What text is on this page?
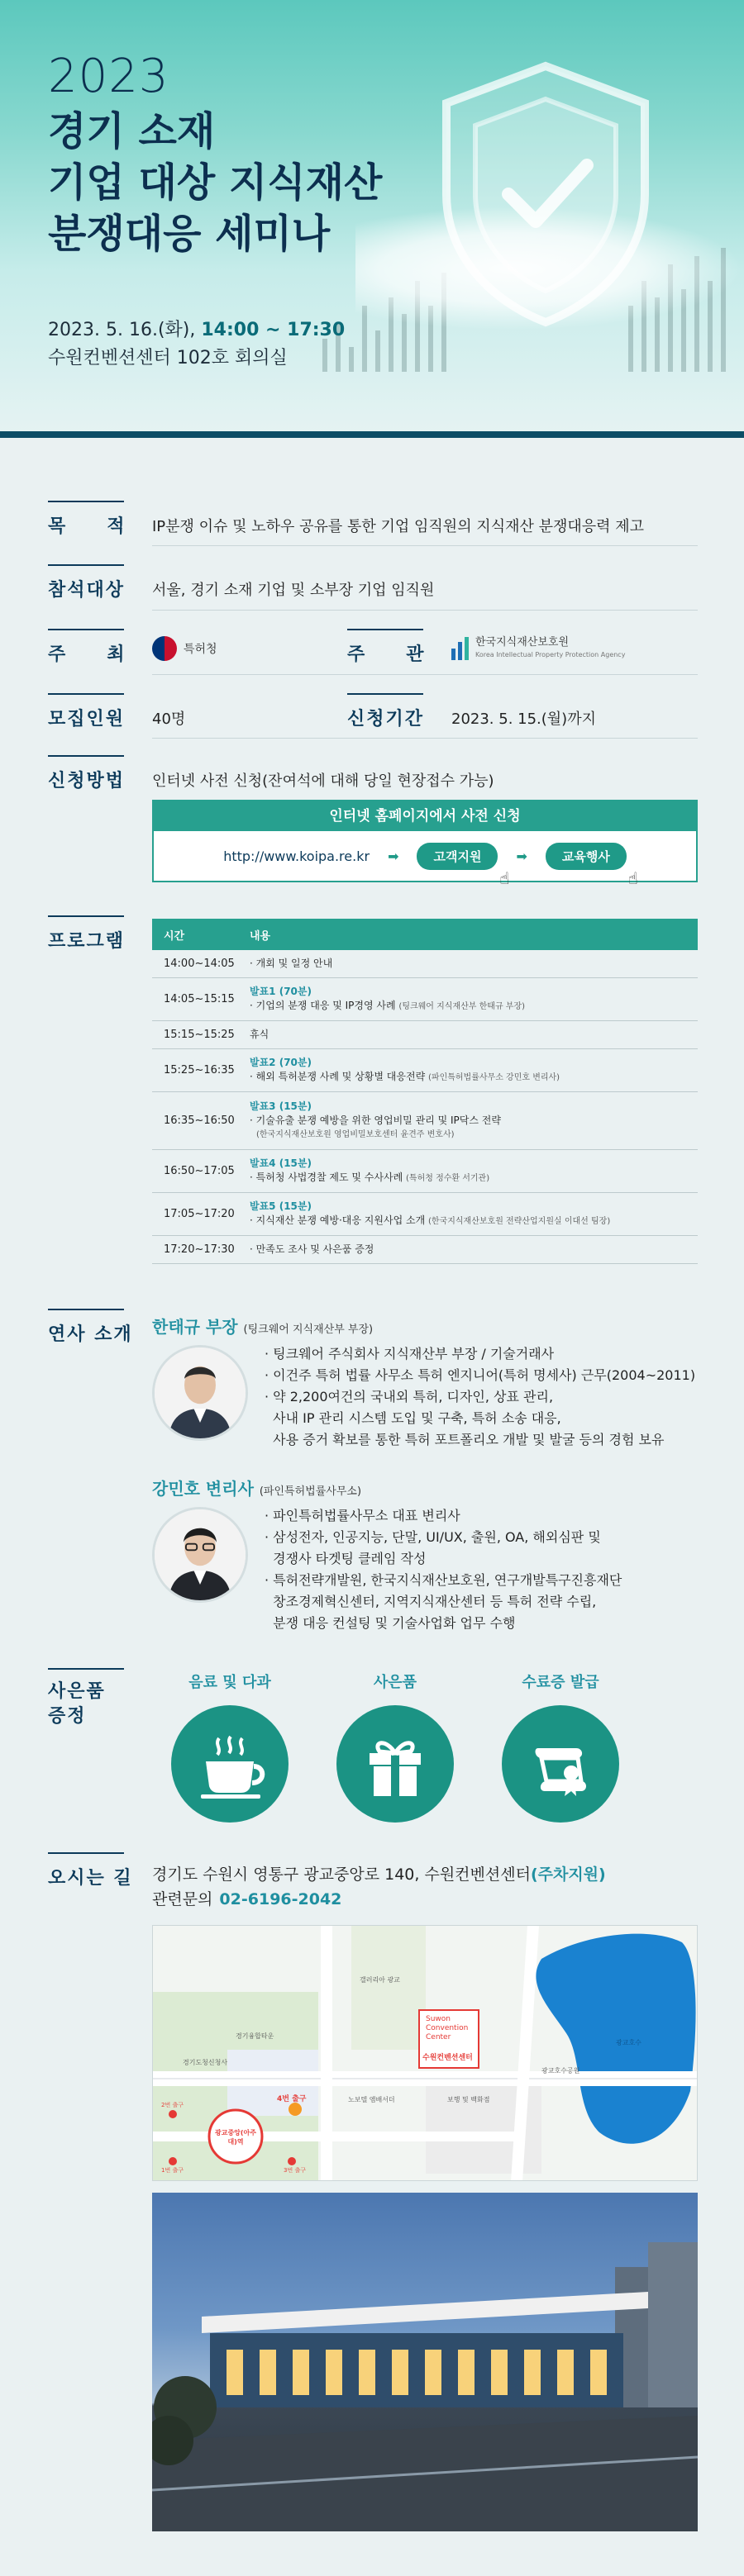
2023
경기 소재
기업 대상 지식재산
분쟁대응 세미나
2023. 5. 16.(화), 14:00 ~ 17:30
수원컨벤션센터 102호 회의실
목　　적 IP분쟁 이슈 및 노하우 공유를 통한 기업 임직원의 지식재산 분쟁대응력 제고
참석대상 서울, 경기 소재 기업 및 소부장 기업 임직원
주　　최	특허청	주　　관
한국지식재산보호원
Korea Intellectual Property Protection Agency
모집인원 40명	신청기간 2023. 5. 15.(월)까지
신청방법 인터넷 사전 신청(잔여석에 대해 당일 현장접수 가능)
인터넷 홈페이지에서 사전 신청
http://www.koipa.re.kr ➡	고객지원
☝
➡	교육행사
☝
프로그램	시간	내용
14:00~14:05	· 개회 및 일정 안내
14:05~15:15
발표1 (70분)
· 기업의 분쟁 대응 및 IP경영 사례 (팅크웨어 지식재산부 한태규 부장)
15:15~15:25	휴식
15:25~16:35
발표2 (70분)
· 해외 특허분쟁 사례 및 상황별 대응전략 (파인특허법률사무소 강민호 변리사)
16:35~16:50
발표3 (15분)
· 기술유출 분쟁 예방을 위한 영업비밀 관리 및 IP닥스 전략
(한국지식재산보호원 영업비밀보호센터 윤견주 변호사)
16:50~17:05
발표4 (15분)
· 특허청 사법경찰 제도 및 수사사례 (특허청 정수환 서기관)
17:05~17:20
발표5 (15분)
· 지식재산 분쟁 예방·대응 지원사업 소개 (한국지식재산보호원 전략산업지원실 이대선 팀장)
17:20~17:30	· 만족도 조사 및 사은품 증정
연사 소개 한태규 부장 (팅크웨어 지식재산부 부장)
· 팅크웨어 주식회사 지식재산부 부장 / 기술거래사
· 이건주 특허 법률 사무소 특허 엔지니어(특허 명세사) 근무(2004~2011)
· 약 2,200여건의 국내외 특허, 디자인, 상표 관리,
사내 IP 관리 시스템 도입 및 구축, 특허 소송 대응,
사용 증거 확보를 통한 특허 포트폴리오 개발 및 발굴 등의 경험 보유
강민호 변리사 (파인특허법률사무소)
· 파인특허법률사무소 대표 변리사
· 삼성전자, 인공지능, 단말, UI/UX, 출원, OA, 해외심판 및
경쟁사 타겟팅 클레임 작성
· 특허전략개발원, 한국지식재산보호원, 연구개발특구진흥재단
창조경제혁신센터, 지역지식재산센터 등 특허 전략 수립,
분쟁 대응 컨설팅 및 기술사업화 업무 수행
사은품
증정
음료 및 다과	사은품	수료증 발급
오시는 길 경기도 수원시 영통구 광교중앙로 140, 수원컨벤션센터(주차지원)
관련문의 02-6196-2042
Suwon Convention Center
수원컨벤션센터
광교중앙(아주대)역
4번 출구
2번 출구
1번 출구	3번 출구
광교호수
광교호수공원
경기도청신청사
갤러리아 광교
노보텔 앰배서더	보행 및 백화점
경기융합타운
